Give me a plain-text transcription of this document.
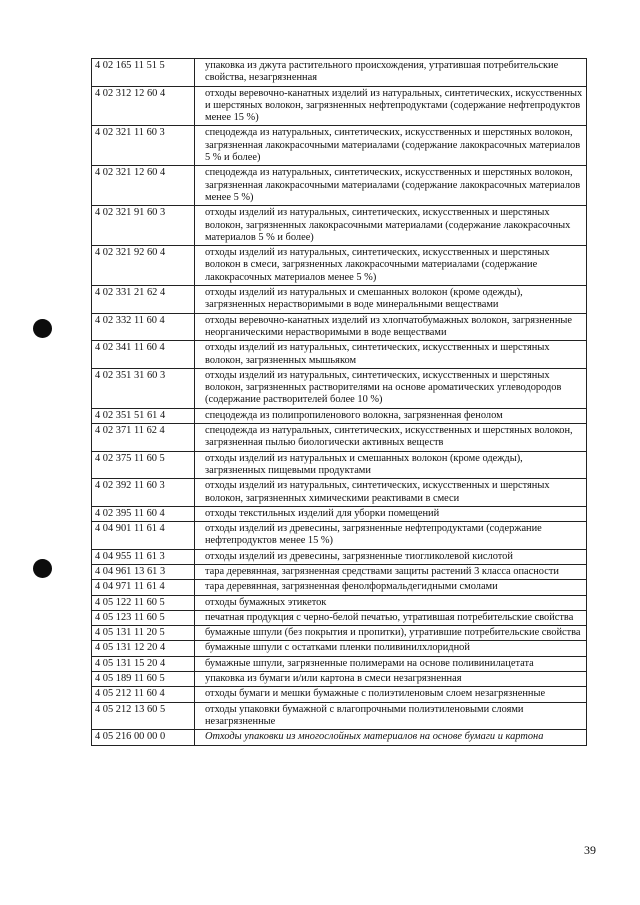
4 02 165 11 51 5	упаковка из джута растительного происхождения, утратившая потребительские свойства, незагрязненная
4 02 312 12 60 4	отходы веревочно-канатных изделий из натуральных, синтетических, искусственных и шерстяных волокон, загрязненных нефтепродуктами (содержание нефтепродуктов менее 15 %)
4 02 321 11 60 3	спецодежда из натуральных, синтетических, искусственных и шерстяных волокон, загрязненная лакокрасочными материалами (содержание лакокрасочных материалов 5 % и более)
4 02 321 12 60 4	спецодежда из натуральных, синтетических, искусственных и шерстяных волокон, загрязненная лакокрасочными материалами (содержание лакокрасочных материалов менее 5 %)
4 02 321 91 60 3	отходы изделий из натуральных, синтетических, искусственных и шерстяных волокон, загрязненных лакокрасочными материалами (содержание лакокрасочных материалов 5 % и более)
4 02 321 92 60 4	отходы изделий из натуральных, синтетических, искусственных и шерстяных волокон в смеси, загрязненных лакокрасочными материалами (содержание лакокрасочных материалов менее 5 %)
4 02 331 21 62 4	отходы изделий из натуральных и смешанных волокон (кроме одежды), загрязненных нерастворимыми в воде минеральными веществами
4 02 332 11 60 4	отходы веревочно-канатных изделий из хлопчатобумажных волокон, загрязненные неорганическими нерастворимыми в воде веществами
4 02 341 11 60 4	отходы изделий из натуральных, синтетических, искусственных и шерстяных волокон, загрязненных мышьяком
4 02 351 31 60 3	отходы изделий из натуральных, синтетических, искусственных и шерстяных волокон, загрязненных растворителями на основе ароматических углеводородов (содержание растворителей более 10 %)
4 02 351 51 61 4	спецодежда из полипропиленового волокна, загрязненная фенолом
4 02 371 11 62 4	спецодежда из натуральных, синтетических, искусственных и шерстяных волокон, загрязненная пылью биологически активных веществ
4 02 375 11 60 5	отходы изделий из натуральных и смешанных волокон (кроме одежды), загрязненных пищевыми продуктами
4 02 392 11 60 3	отходы изделий из натуральных, синтетических, искусственных и шерстяных волокон, загрязненных химическими реактивами в смеси
4 02 395 11 60 4	отходы текстильных изделий для уборки помещений
4 04 901 11 61 4	отходы изделий из древесины, загрязненные нефтепродуктами (содержание нефтепродуктов менее 15 %)
4 04 955 11 61 3	отходы изделий из древесины, загрязненные тиогликолевой кислотой
4 04 961 13 61 3	тара деревянная, загрязненная средствами защиты растений 3 класса опасности
4 04 971 11 61 4	тара деревянная, загрязненная фенолформальдегидными смолами
4 05 122 11 60 5	отходы бумажных этикеток
4 05 123 11 60 5	печатная продукция с черно-белой печатью, утратившая потребительские свойства
4 05 131 11 20 5	бумажные шпули (без покрытия и пропитки), утратившие потребительские свойства
4 05 131 12 20 4	бумажные шпули с остатками пленки поливинилхлоридной
4 05 131 15 20 4	бумажные шпули, загрязненные полимерами на основе поливинилацетата
4 05 189 11 60 5	упаковка из бумаги и/или картона в смеси незагрязненная
4 05 212 11 60 4	отходы бумаги и мешки бумажные с полиэтиленовым слоем незагрязненные
4 05 212 13 60 5	отходы упаковки бумажной с влагопрочными полиэтиленовыми слоями незагрязненные
4 05 216 00 00 0	Отходы упаковки из многослойных материалов на основе бумаги и картона
39
